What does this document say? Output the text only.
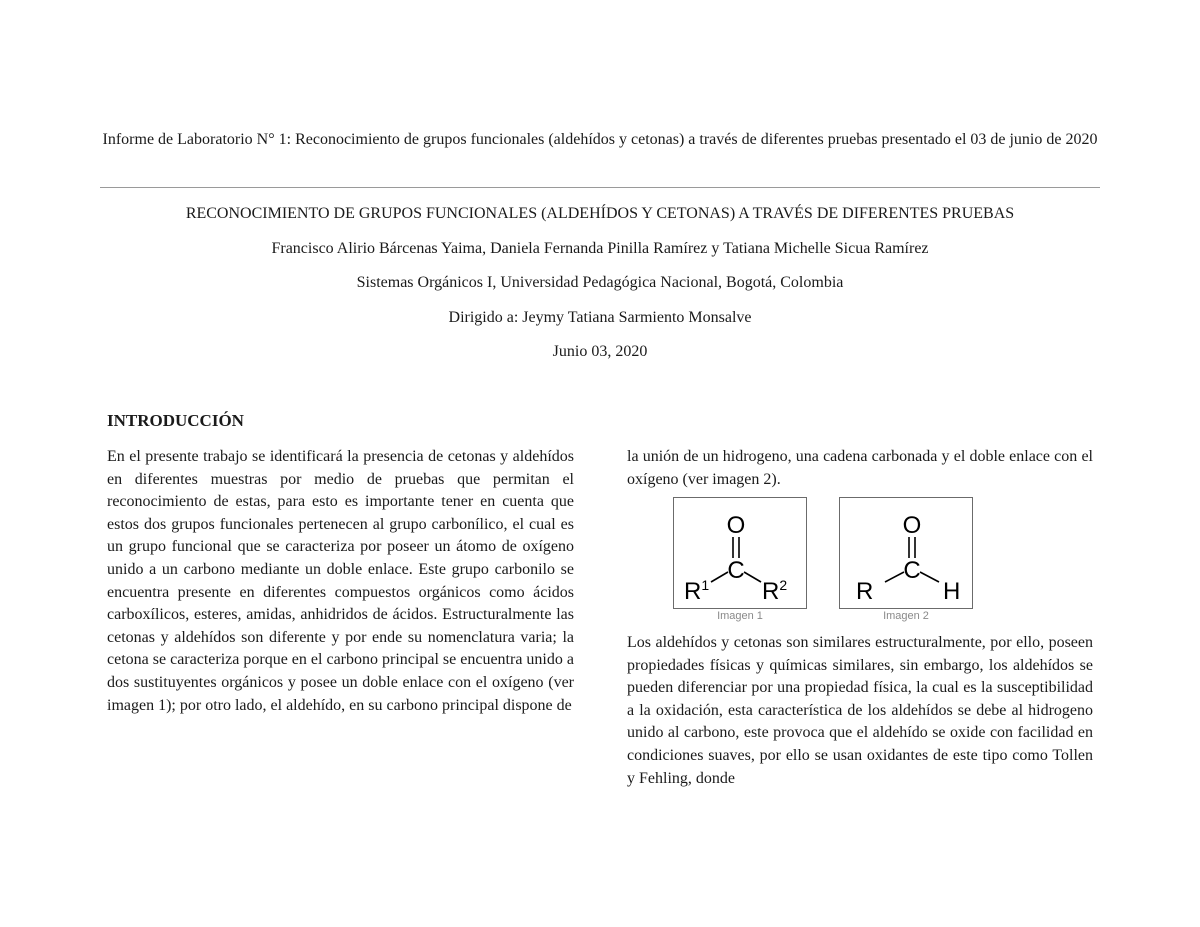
Informe de Laboratorio N° 1: Reconocimiento de grupos funcionales (aldehídos y cetonas) a través de diferentes pruebas presentado el 03 de junio de 2020
RECONOCIMIENTO DE GRUPOS FUNCIONALES (ALDEHÍDOS Y CETONAS) A TRAVÉS DE DIFERENTES PRUEBAS
Francisco Alirio Bárcenas Yaima, Daniela Fernanda Pinilla Ramírez y Tatiana Michelle Sicua Ramírez
Sistemas Orgánicos I, Universidad Pedagógica Nacional, Bogotá, Colombia
Dirigido a: Jeymy Tatiana Sarmiento Monsalve
Junio 03, 2020
INTRODUCCIÓN
En el presente trabajo se identificará la presencia de cetonas y aldehídos en diferentes muestras por medio de pruebas que permitan el reconocimiento de estas, para esto es importante tener en cuenta que estos dos grupos funcionales pertenecen al grupo carbonílico, el cual es un grupo funcional que se caracteriza por poseer un átomo de oxígeno unido a un carbono mediante un doble enlace. Este grupo carbonilo se encuentra presente en diferentes compuestos orgánicos como ácidos carboxílicos, esteres, amidas, anhidridos de ácidos. Estructuralmente las cetonas y aldehídos son diferente y por ende su nomenclatura varia; la cetona se caracteriza porque en el carbono principal se encuentra unido a dos sustituyentes orgánicos y posee un doble enlace con el oxígeno (ver imagen 1); por otro lado, el aldehído, en su carbono principal dispone de
la unión de un hidrogeno, una cadena carbonada y el doble enlace con el oxígeno (ver imagen 2).
O
C
$R^1$ $R^2$
Imagen 1
O
C
R	H
Imagen 2
Los aldehídos y cetonas son similares estructuralmente, por ello, poseen propiedades físicas y químicas similares, sin embargo, los aldehídos se pueden diferenciar por una propiedad física, la cual es la susceptibilidad a la oxidación, esta característica de los aldehídos se debe al hidrogeno unido al carbono, este provoca que el aldehído se oxide con facilidad en condiciones suaves, por ello se usan oxidantes de este tipo como Tollen y Fehling, donde
